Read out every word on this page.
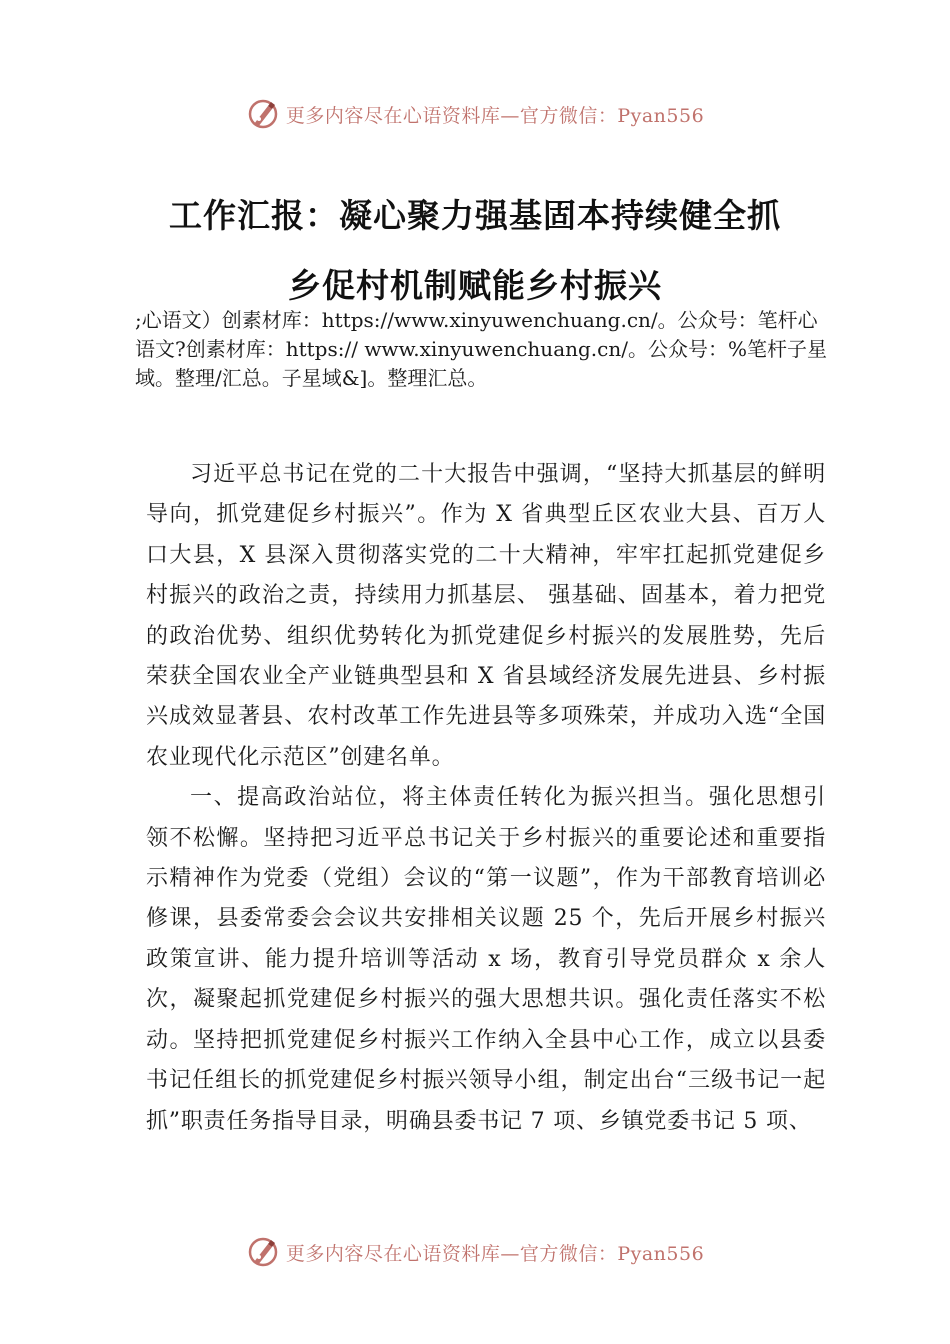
更多内容尽在心语资料库—官方微信：Pyan556
工作汇报：凝心聚力强基固本持续健全抓
乡促村机制赋能乡村振兴
;心语文）创素材库：https://www.xinyuwenchuang.cn/。公众号：笔杆心语文?创素材库：https:// www.xinyuwenchuang.cn/。公众号：%笔杆子星域。整理/汇总。子星域&]。整理汇总。

习近平总书记在党的二十大报告中强调，“坚持大抓基层的鲜明导向，抓党建促乡村振兴”。作为 X 省典型丘区农业大县、百万人口大县，X 县深入贯彻落实党的二十大精神，牢牢扛起抓党建促乡村振兴的政治之责，持续用力抓基层、 强基础、固基本，着力把党的政治优势、组织优势转化为抓党建促乡村振兴的发展胜势，先后荣获全国农业全产业链典型县和 X 省县域经济发展先进县、乡村振兴成效显著县、农村改革工作先进县等多项殊荣，并成功入选“全国农业现代化示范区”创建名单。

一、提高政治站位，将主体责任转化为振兴担当。强化思想引领不松懈。坚持把习近平总书记关于乡村振兴的重要论述和重要指示精神作为党委（党组）会议的“第一议题”，作为干部教育培训必修课，县委常委会会议共安排相关议题 25 个，先后开展乡村振兴政策宣讲、能力提升培训等活动 x 场，教育引导党员群众 x 余人次，凝聚起抓党建促乡村振兴的强大思想共识。强化责任落实不松动。坚持把抓党建促乡村振兴工作纳入全县中心工作，成立以县委书记任组长的抓党建促乡村振兴领导小组，制定出台“三级书记一起抓”职责任务指导目录，明确县委书记 7 项、乡镇党委书记 5 项、

更多内容尽在心语资料库—官方微信：Pyan556
